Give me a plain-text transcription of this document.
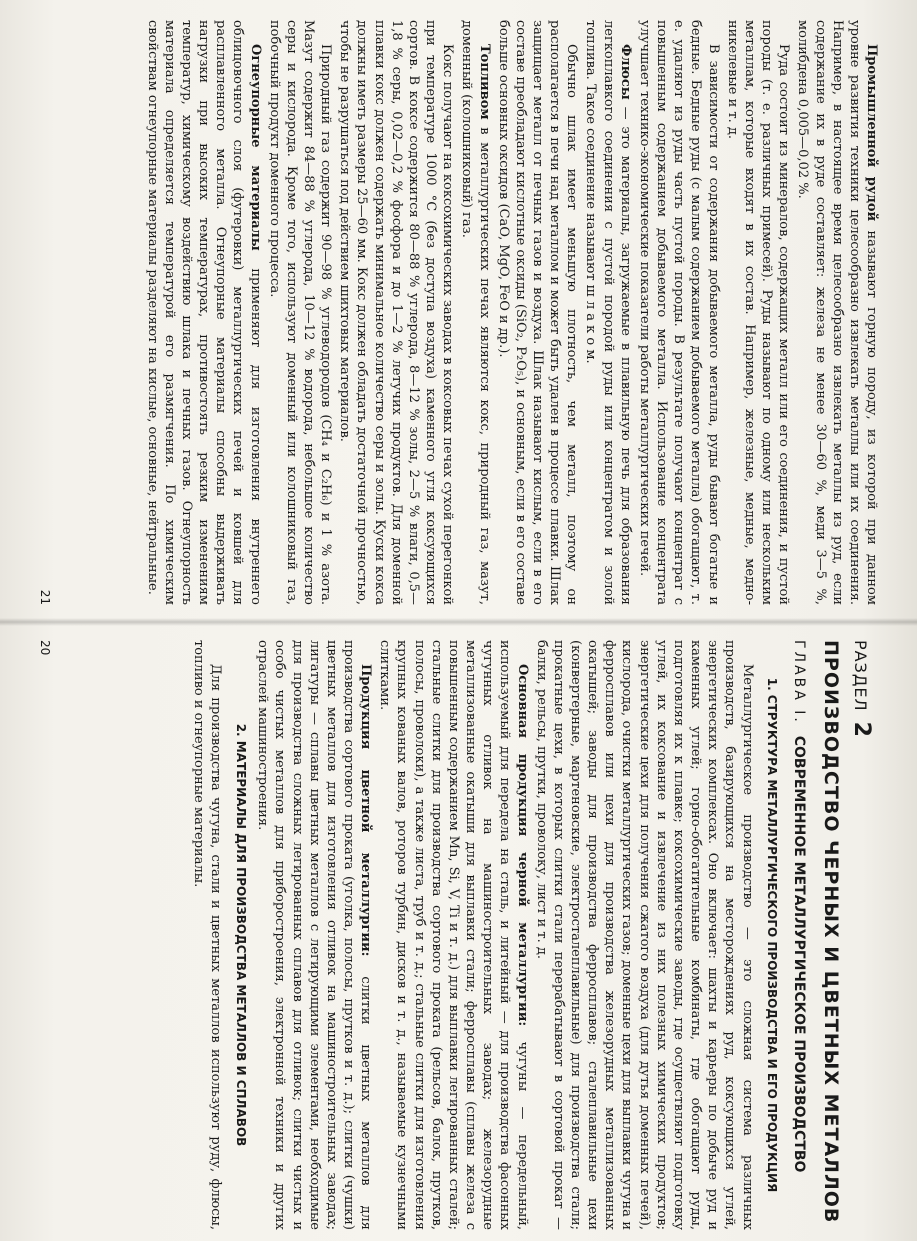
РАЗДЕЛ 2
ПРОИЗВОДСТВО ЧЕРНЫХ И ЦВЕТНЫХ МЕТАЛЛОВ
ГЛАВА I. СОВРЕМЕННОЕ МЕТАЛЛУРГИЧЕСКОЕ ПРОИЗВОДСТВО
1. СТРУКТУРА МЕТАЛЛУРГИЧЕСКОГО ПРОИЗВОДСТВА И ЕГО ПРОДУКЦИЯ

Металлургическое производство — это сложная система различных производств, базирующихся на месторождениях руд, коксующихся углей, энергетических комплексах. Оно включает: шахты и карьеры по добыче руд и каменных углей; горно-обогатительные комбинаты, где обогащают руды, подготовляя их к плавке; коксохимические заводы, где осуществляют подготовку углей, их коксование и извлечение из них полезных химических продуктов; энергетические цехи для получения сжатого воздуха (для дутья доменных печей), кислорода, очистки металлургических газов; доменные цехи для выплавки чугуна и ферросплавов или цехи для производства железорудных металлизованных окатышей; заводы для производства ферросплавов; сталеплавильные цехи (конвертерные, мартеновские, электросталеплавильные) для производства стали; прокатные цехи, в которых слитки стали перерабатывают в сортовой прокат — балки, рельсы, прутки, проволоку, лист и т. д.

Основная продукция черной металлургии: чугуны — передельный, используемый для передела на сталь, и литейный — для производства фасонных чугунных отливок на машиностроительных заводах; железорудные металлизованные окатыши для выплавки стали; ферросплавы (сплавы железа с повышенным содержанием Mn, Si, V, Ti и т. д.) для выплавки легированных сталей; стальные слитки для производства сортового проката (рельсов, балок, прутков, полосы, проволоки), а также листа, труб и т. д.; стальные слитки для изготовления крупных кованых валов, роторов турбин, дисков и т. д., называемые кузнечными слитками.

Продукция цветной металлургии: слитки цветных металлов для производства сортового проката (уголка, полосы, прутков и т. д.); слитки (чушки) цветных металлов для изготовления отливок на машиностроительных заводах; лигатуры — сплавы цветных металлов с легирующими элементами, необходимые для производства сложных легированных сплавов для отливок; слитки чистых и особо чистых металлов для приборостроения, электронной техники и других отраслей машиностроения.

2. МАТЕРИАЛЫ ДЛЯ ПРОИЗВОДСТВА МЕТАЛЛОВ И СПЛАВОВ

Для производства чугуна, стали и цветных металлов используют руду, флюсы, топливо и огнеупорные материалы.

20

Промышленной рудой называют горную породу, из которой при данном уровне развития техники целесообразно извлекать металлы или их соединения. Например, в настоящее время целесообразно извлекать металлы из руд, если содержание их в руде составляет: железа не менее 30—60 %, меди 3—5 %, молибдена 0,005—0,02 %.

Руда состоит из минералов, содержащих металл или его соединения, и пустой породы (т. е. различных примесей). Руды называют по одному или нескольким металлам, которые входят в их состав. Например, железные, медные, медно-никелевые и т. д.

В зависимости от содержания добываемого металла, руды бывают богатые и бедные. Бедные руды (с малым содержанием добываемого металла) обогащают, т. е. удаляют из руды часть пустой породы. В результате получают концентрат с повышенным содержанием добываемого металла. Использование концентрата улучшает технико-экономические показатели работы металлургических печей.

Флюсы — это материалы, загружаемые в плавильную печь для образования легкоплавкого соединения с пустой породой руды или концентратом и золой топлива. Такое соединение называют ш л а к о м.

Обычно шлак имеет меньшую плотность, чем металл, поэтому он располагается в печи над металлом и может быть удален в процессе плавки. Шлак защищает металл от печных газов и воздуха. Шлак называют кислым, если в его составе преобладают кислотные оксиды (SiO₂, P₂O₅), и основным, если в его составе больше основных оксидов (CaO, MgO, FeO и др.).

Топливом в металлургических печах являются кокс, природный газ, мазут, доменный (колошниковый) газ.

Кокс получают на коксохимических заводах в коксовых печах сухой перегонкой при температуре 1000 °C (без доступа воздуха) каменного угля коксующихся сортов. В коксе содержится 80—88 % углерода, 8—12 % золы, 2—5 % влаги, 0,5—1,8 % серы, 0,02—0,2 % фосфора и до 1—2 % летучих продуктов. Для доменной плавки кокс должен содержать минимальное количество серы и золы. Куски кокса должны иметь размеры 25—60 мм. Кокс должен обладать достаточной прочностью, чтобы не разрушаться под действием шихтовых материалов.

Природный газ содержит 90—98 % углеводородов (CH₄ и C₂H₆) и 1 % азота. Мазут содержит 84—88 % углерода, 10—12 % водорода, небольшое количество серы и кислорода. Кроме того, используют доменный или колошниковый газ, побочный продукт доменного процесса.

Огнеупорные материалы применяют для изготовления внутреннего облицовочного слоя (футеровки) металлургических печей и ковшей для расплавленного металла. Огнеупорные материалы способны выдерживать нагрузки при высоких температурах, противостоять резким изменениям температур, химическому воздействию шлака и печных газов. Огнеупорность материала определяется температурой его размягчения. По химическим свойствам огнеупорные материалы разделяют на кислые, основные, нейтральные.

21
